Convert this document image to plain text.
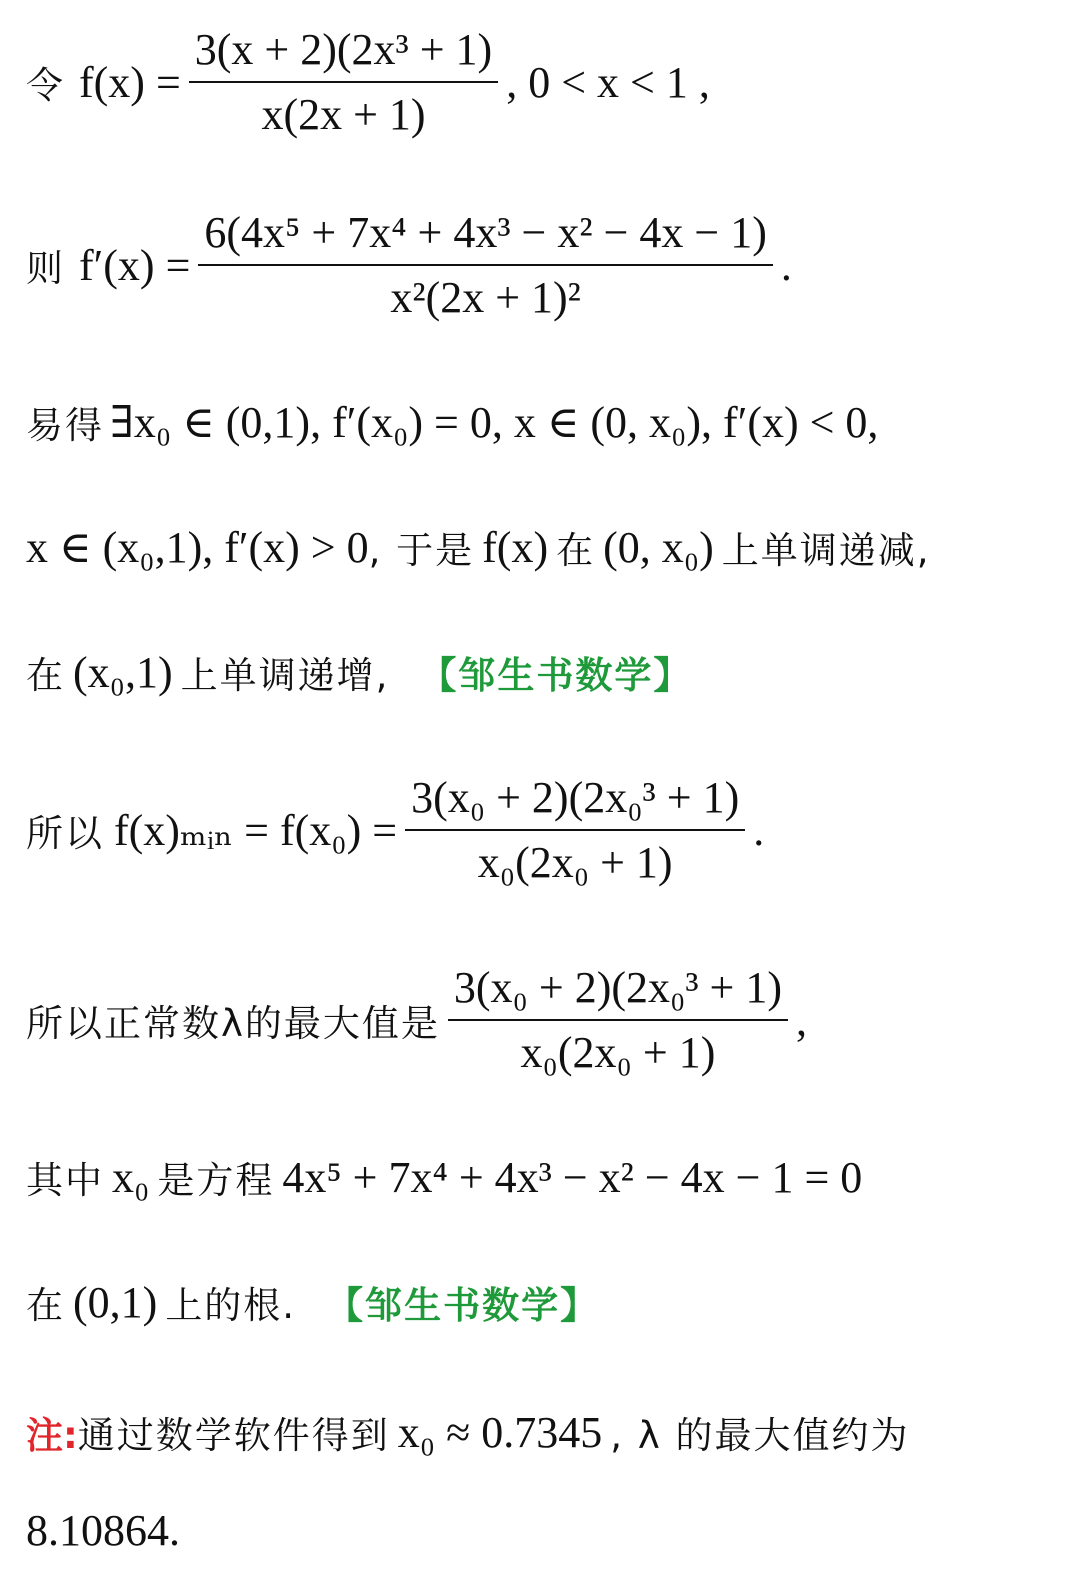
令 $f(x) = \frac{\text{3(x + 2)(2x³ + 1)}}{x(2x + 1)}$ , 0 < x < 1 ,
则 $f'(x) = \frac{\text{6(4x⁵ + 7x⁴ + 4x³ − x² − 4x − 1)}}{\text{x²(2x + 1)²}}$ .
易得 ∃x₀ ∈ (0,1), f′(x₀) = 0, x ∈ (0, x₀), f′(x) < 0,
x ∈ (x₀,1), f′(x) > 0 , 于是 f(x) 在 (0, x₀) 上单调递减,
在 (x₀,1) 上单调递增, 【邹生书数学】
所以 f(x)ₘᵢₙ = $f(x_0) = \frac{\text{3(x₀ + 2)(2x₀³ + 1)}}{\text{x₀(2x₀ + 1)}}$ .
所以正常数λ的最大值是 $\frac{\text{3(x₀ + 2)(2x₀³ + 1)}}{\text{x₀(2x₀ + 1)}}$ ,
其中 x₀ 是方程 4x⁵ + 7x⁴ + 4x³ − x² − 4x − 1 = 0
在 (0,1) 上的根. 【邹生书数学】
注: 通过数学软件得到 x₀ ≈ 0.7345 , λ 的最大值约为
8.10864.
